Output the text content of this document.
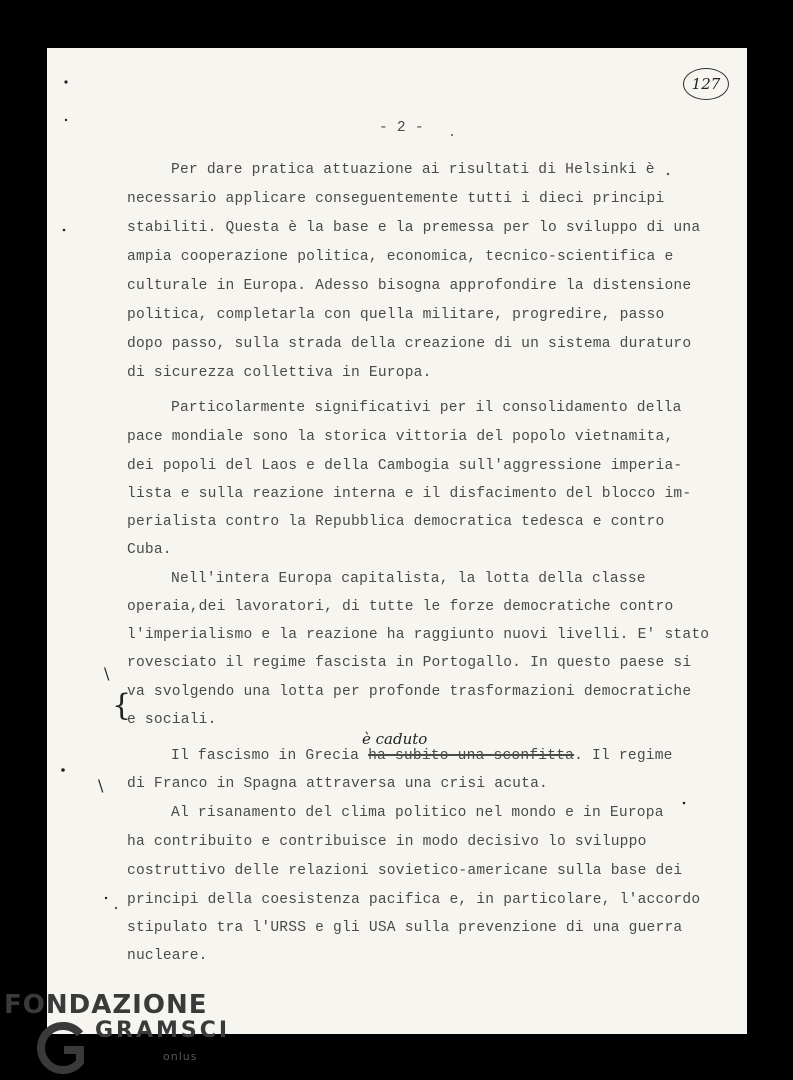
127
- 2 -
Per dare pratica attuazione ai risultati di Helsinki è
necessario applicare conseguentemente tutti i dieci principi
stabiliti. Questa è la base e la premessa per lo sviluppo di una
ampia cooperazione politica, economica, tecnico-scientifica e
culturale in Europa. Adesso bisogna approfondire la distensione
politica, completarla con quella militare, progredire, passo
dopo passo, sulla strada della creazione di un sistema duraturo
di sicurezza collettiva in Europa.
Particolarmente significativi per il consolidamento della
pace mondiale sono la storica vittoria del popolo vietnamita,
dei popoli del Laos e della Cambogia sull'aggressione imperia-
lista e sulla reazione interna e il disfacimento del blocco im-
perialista contro la Repubblica democratica tedesca e contro
Cuba.
Nell'intera Europa capitalista, la lotta della classe
operaia,dei lavoratori, di tutte le forze democratiche contro
l'imperialismo e la reazione ha raggiunto nuovi livelli. E' stato
rovesciato il regime fascista in Portogallo. In questo paese si
va svolgendo una lotta per profonde trasformazioni democratiche
e sociali.
Il fascismo in Grecia ha subito una sconfitta. Il regime
è caduto
di Franco in Spagna attraversa una crisi acuta.
Al risanamento del clima politico nel mondo e in Europa
ha contribuito e contribuisce in modo decisivo lo sviluppo
costruttivo delle relazioni sovietico-americane sulla base dei
principi della coesistenza pacifica e, in particolare, l'accordo
stipulato tra l'URSS e gli USA sulla prevenzione di una guerra
nucleare.
\
{
\
FONDAZIONE
GRAMSCI
onlus
